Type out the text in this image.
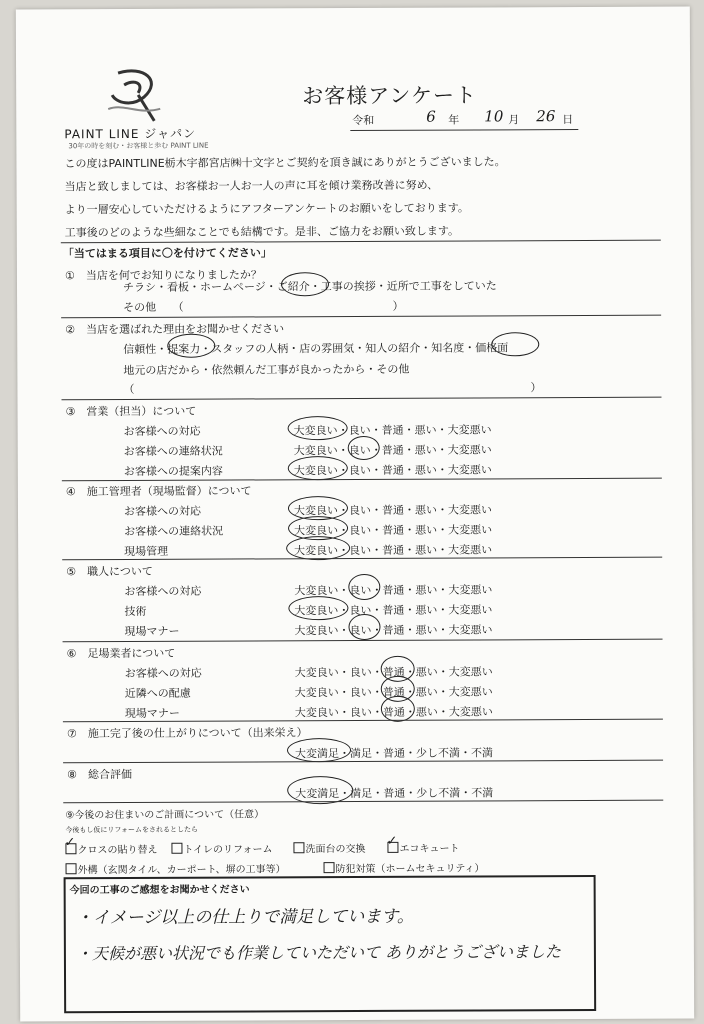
PAINT LINE ジャパン
30年の時を刻む・お客様と歩む PAINT LINE
お客様アンケート
令和	6 年 10 月 26 日
この度はPAINTLINE栃木宇都宮店㈱十文字とご契約を頂き誠にありがとうございました。
当店と致しましては、お客様お一人お一人の声に耳を傾け業務改善に努め、
より一層安心していただけるようにアフターアンケートのお願いをしております。
工事後のどのような些細なことでも結構です。是非、ご協力をお願い致します。
「当てはまる項目に〇を付けてください」
①　当店を何でお知りになりましたか？
チラシ・看板・ホームページ・ご紹介・工事の挨拶・近所で工事をしていた
その他　　（　　　　　　　　　　　　　　　　　　　）
②　当店を選ばれた理由をお聞かせください
信頼性・提案力・スタッフの人柄・店の雰囲気・知人の紹介・知名度・価格面
地元の店だから・依然頼んだ工事が良かったから・その他
（　　　　　　　　　　　　　　　　　　　　　　　　　　　　　　　　　　　　）
③　営業（担当）について
お客様への対応	大変良い・良い・普通・悪い・大変悪い
お客様への連絡状況	大変良い・良い・普通・悪い・大変悪い
お客様への提案内容	大変良い・良い・普通・悪い・大変悪い
④　施工管理者（現場監督）について
お客様への対応	大変良い・良い・普通・悪い・大変悪い
お客様への連絡状況	大変良い・良い・普通・悪い・大変悪い
現場管理	大変良い・良い・普通・悪い・大変悪い
⑤　職人について
お客様への対応	大変良い・良い・普通・悪い・大変悪い
技術	大変良い・良い・普通・悪い・大変悪い
現場マナー	大変良い・良い・普通・悪い・大変悪い
⑥　足場業者について
お客様への対応	大変良い・良い・普通・悪い・大変悪い
近隣への配慮	大変良い・良い・普通・悪い・大変悪い
現場マナー	大変良い・良い・普通・悪い・大変悪い
⑦　施工完了後の仕上がりについて（出来栄え）
大変満足・満足・普通・少し不満・不満
⑧　総合評価
大変満足・満足・普通・少し不満・不満
⑨今後のお住まいのご計画について（任意）
今後もし仮にリフォームをされるとしたら
✓
クロスの貼り替え	トイレのリフォーム	洗面台の交換
✓
エコキュート
外構（玄関タイル、カーポート、塀の工事等）	防犯対策（ホームセキュリティ）
今回の工事のご感想をお聞かせください
・イメージ以上の仕上りで満足しています。
・天候が悪い状況でも作業していただいて ありがとうございました
